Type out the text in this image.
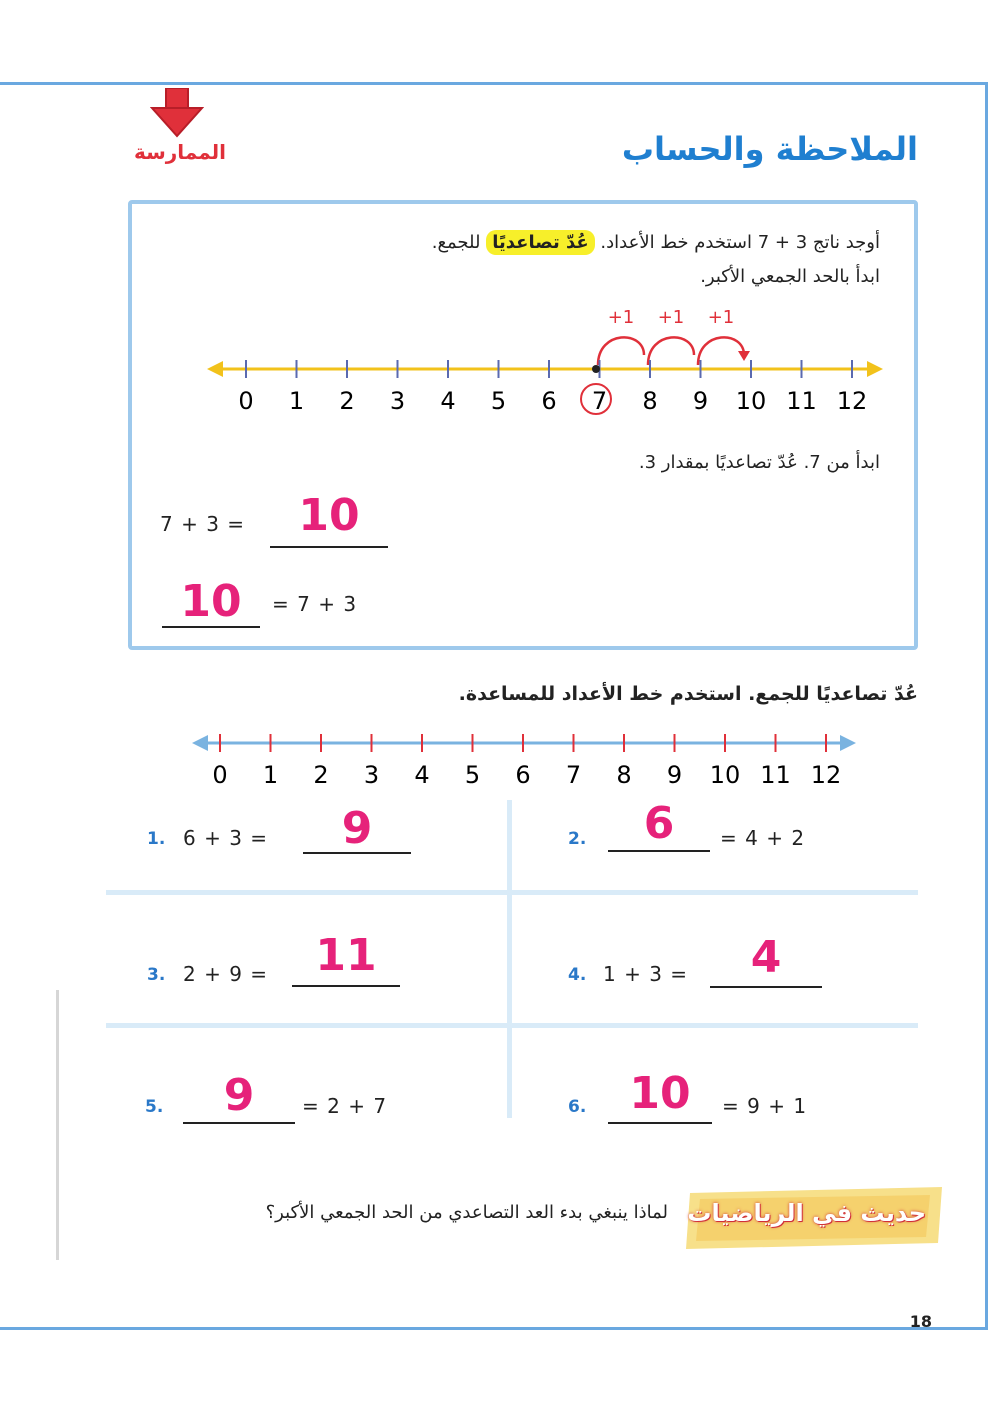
الممارسة	الملاحظة والحساب
أوجد ناتج 3 + 7 استخدم خط الأعداد. عُدّ تصاعديًا للجمع.
ابدأ بالحد الجمعي الأكبر.
+1 +1 +1
0 1 2 3 4 5 6 7 8 9 10 11 12
ابدأ من 7. عُدّ تصاعديًا بمقدار 3.
7 + 3 =	10
10	= 7 + 3
عُدّ تصاعديًا للجمع. استخدم خط الأعداد للمساعدة.
0 1 2 3 4 5 6 7 8 9 10 11 12
1. 6 + 3 =	9	2.	6	= 4 + 2
3. 2 + 9 =	11	4. 1 + 3 =	4
5.	9	= 2 + 7	6. 10	= 9 + 1
حديث في الرياضيات
لماذا ينبغي بدء العد التصاعدي من الحد الجمعي الأكبر؟
18
